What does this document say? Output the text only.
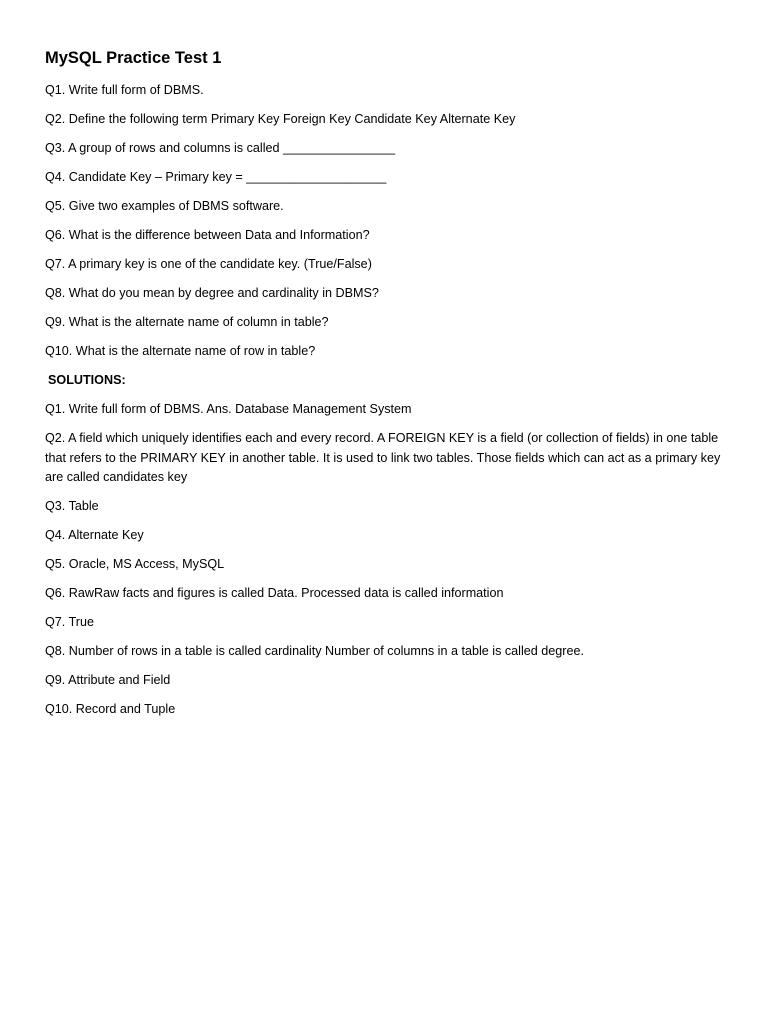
MySQL Practice Test 1
Q1. Write full form of DBMS.
Q2. Define the following term Primary Key Foreign Key Candidate Key Alternate Key
Q3. A group of rows and columns is called ________________
Q4. Candidate Key – Primary key = ____________________
Q5. Give two examples of DBMS software.
Q6. What is the difference between Data and Information?
Q7. A primary key is one of the candidate key. (True/False)
Q8. What do you mean by degree and cardinality in DBMS?
Q9. What is the alternate name of column in table?
Q10. What is the alternate name of row in table?
SOLUTIONS:
Q1. Write full form of DBMS. Ans. Database Management System
Q2. A field which uniquely identifies each and every record. A FOREIGN KEY is a field (or collection of fields) in one table that refers to the PRIMARY KEY in another table. It is used to link two tables. Those fields which can act as a primary key are called candidates key
Q3. Table
Q4. Alternate Key
Q5. Oracle, MS Access, MySQL
Q6. RawRaw facts and figures is called Data. Processed data is called information
Q7. True
Q8. Number of rows in a table is called cardinality Number of columns in a table is called degree.
Q9. Attribute and Field
Q10. Record and Tuple
